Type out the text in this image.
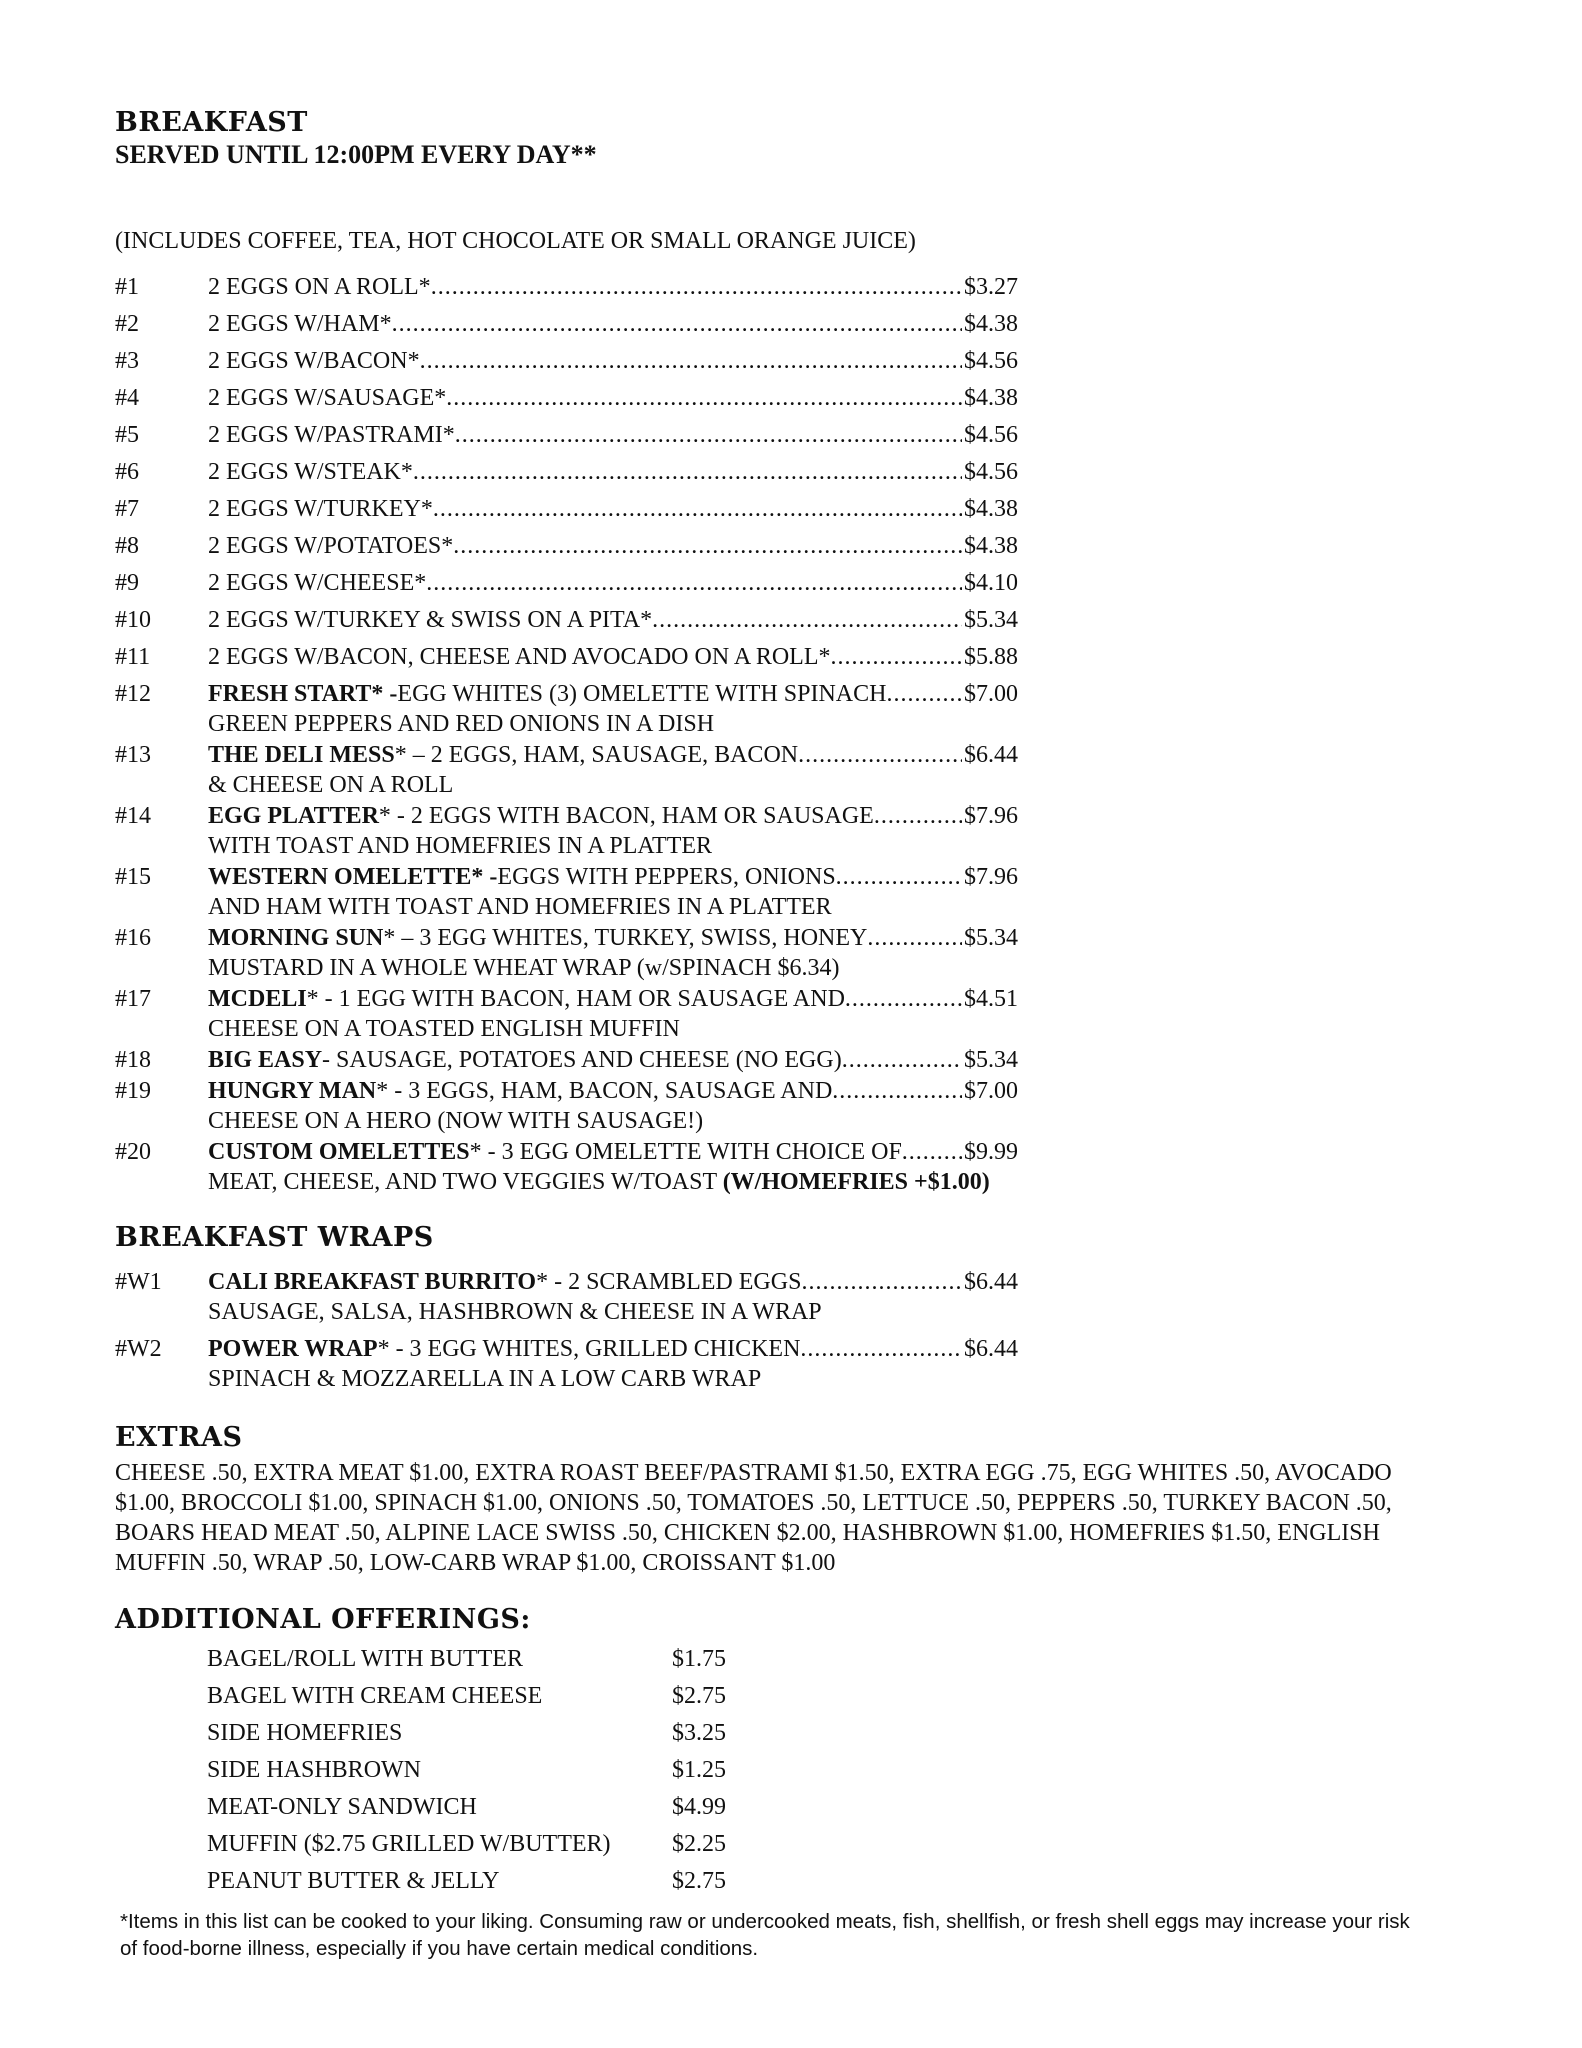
BREAKFAST
SERVED UNTIL 12:00PM EVERY DAY**
(INCLUDES COFFEE, TEA, HOT CHOCOLATE OR SMALL ORANGE JUICE)
#1	2 EGGS ON A ROLL* .....	$3.27
#2	2 EGGS W/HAM* .....	$4.38
#3	2 EGGS W/BACON* .....	$4.56
#4	2 EGGS W/SAUSAGE* .....	$4.38
#5	2 EGGS W/PASTRAMI* .....	$4.56
#6	2 EGGS W/STEAK* .....	$4.56
#7	2 EGGS W/TURKEY* .....	$4.38
#8	2 EGGS W/POTATOES* .....	$4.38
#9	2 EGGS W/CHEESE* .....	$4.10
#10	2 EGGS W/TURKEY & SWISS ON A PITA* .....	$5.34
#11	2 EGGS W/BACON, CHEESE AND AVOCADO ON A ROLL* .....	$5.88
#12	FRESH START* - EGG WHITES (3) OMELETTE WITH SPINACH .....	$7.00
GREEN PEPPERS AND RED ONIONS IN A DISH
#13	THE DELI MESS * – 2 EGGS, HAM, SAUSAGE, BACON .....	$6.44
& CHEESE ON A ROLL
#14	EGG PLATTER * - 2 EGGS WITH BACON, HAM OR SAUSAGE .....	$7.96
WITH TOAST AND HOMEFRIES IN A PLATTER
#15	WESTERN OMELETTE* - EGGS WITH PEPPERS, ONIONS .....	$7.96
AND HAM WITH TOAST AND HOMEFRIES IN A PLATTER
#16	MORNING SUN * – 3 EGG WHITES, TURKEY, SWISS, HONEY .....	$5.34
MUSTARD IN A WHOLE WHEAT WRAP (w/SPINACH $6.34)
#17	MCDELI * - 1 EGG WITH BACON, HAM OR SAUSAGE AND .....	$4.51
CHEESE ON A TOASTED ENGLISH MUFFIN
#18	BIG EASY - SAUSAGE, POTATOES AND CHEESE (NO EGG) .....	$5.34
#19	HUNGRY MAN * - 3 EGGS, HAM, BACON, SAUSAGE AND .....	$7.00
CHEESE ON A HERO (NOW WITH SAUSAGE!)
#20	CUSTOM OMELETTES * - 3 EGG OMELETTE WITH CHOICE OF .....	$9.99
MEAT, CHEESE, AND TWO VEGGIES W/TOAST (W/HOMEFRIES +$1.00)
BREAKFAST WRAPS
#W1	CALI BREAKFAST BURRITO * - 2 SCRAMBLED EGGS .....	$6.44
SAUSAGE, SALSA, HASHBROWN & CHEESE IN A WRAP
#W2	POWER WRAP * - 3 EGG WHITES, GRILLED CHICKEN .....	$6.44
SPINACH & MOZZARELLA IN A LOW CARB WRAP
EXTRAS
CHEESE .50, EXTRA MEAT $1.00, EXTRA ROAST BEEF/PASTRAMI $1.50, EXTRA EGG .75, EGG WHITES .50, AVOCADO $1.00, BROCCOLI $1.00, SPINACH $1.00, ONIONS .50, TOMATOES .50, LETTUCE .50, PEPPERS .50, TURKEY BACON .50, BOARS HEAD MEAT .50, ALPINE LACE SWISS .50, CHICKEN $2.00, HASHBROWN $1.00, HOMEFRIES $1.50, ENGLISH MUFFIN .50, WRAP .50, LOW-CARB WRAP $1.00, CROISSANT $1.00
ADDITIONAL OFFERINGS:
BAGEL/ROLL WITH BUTTER	$1.75
BAGEL WITH CREAM CHEESE	$2.75
SIDE HOMEFRIES	$3.25
SIDE HASHBROWN	$1.25
MEAT-ONLY SANDWICH	$4.99
MUFFIN ($2.75 GRILLED W/BUTTER)	$2.25
PEANUT BUTTER & JELLY	$2.75
*Items in this list can be cooked to your liking. Consuming raw or undercooked meats, fish, shellfish, or fresh shell eggs may increase your risk of food-borne illness, especially if you have certain medical conditions.
